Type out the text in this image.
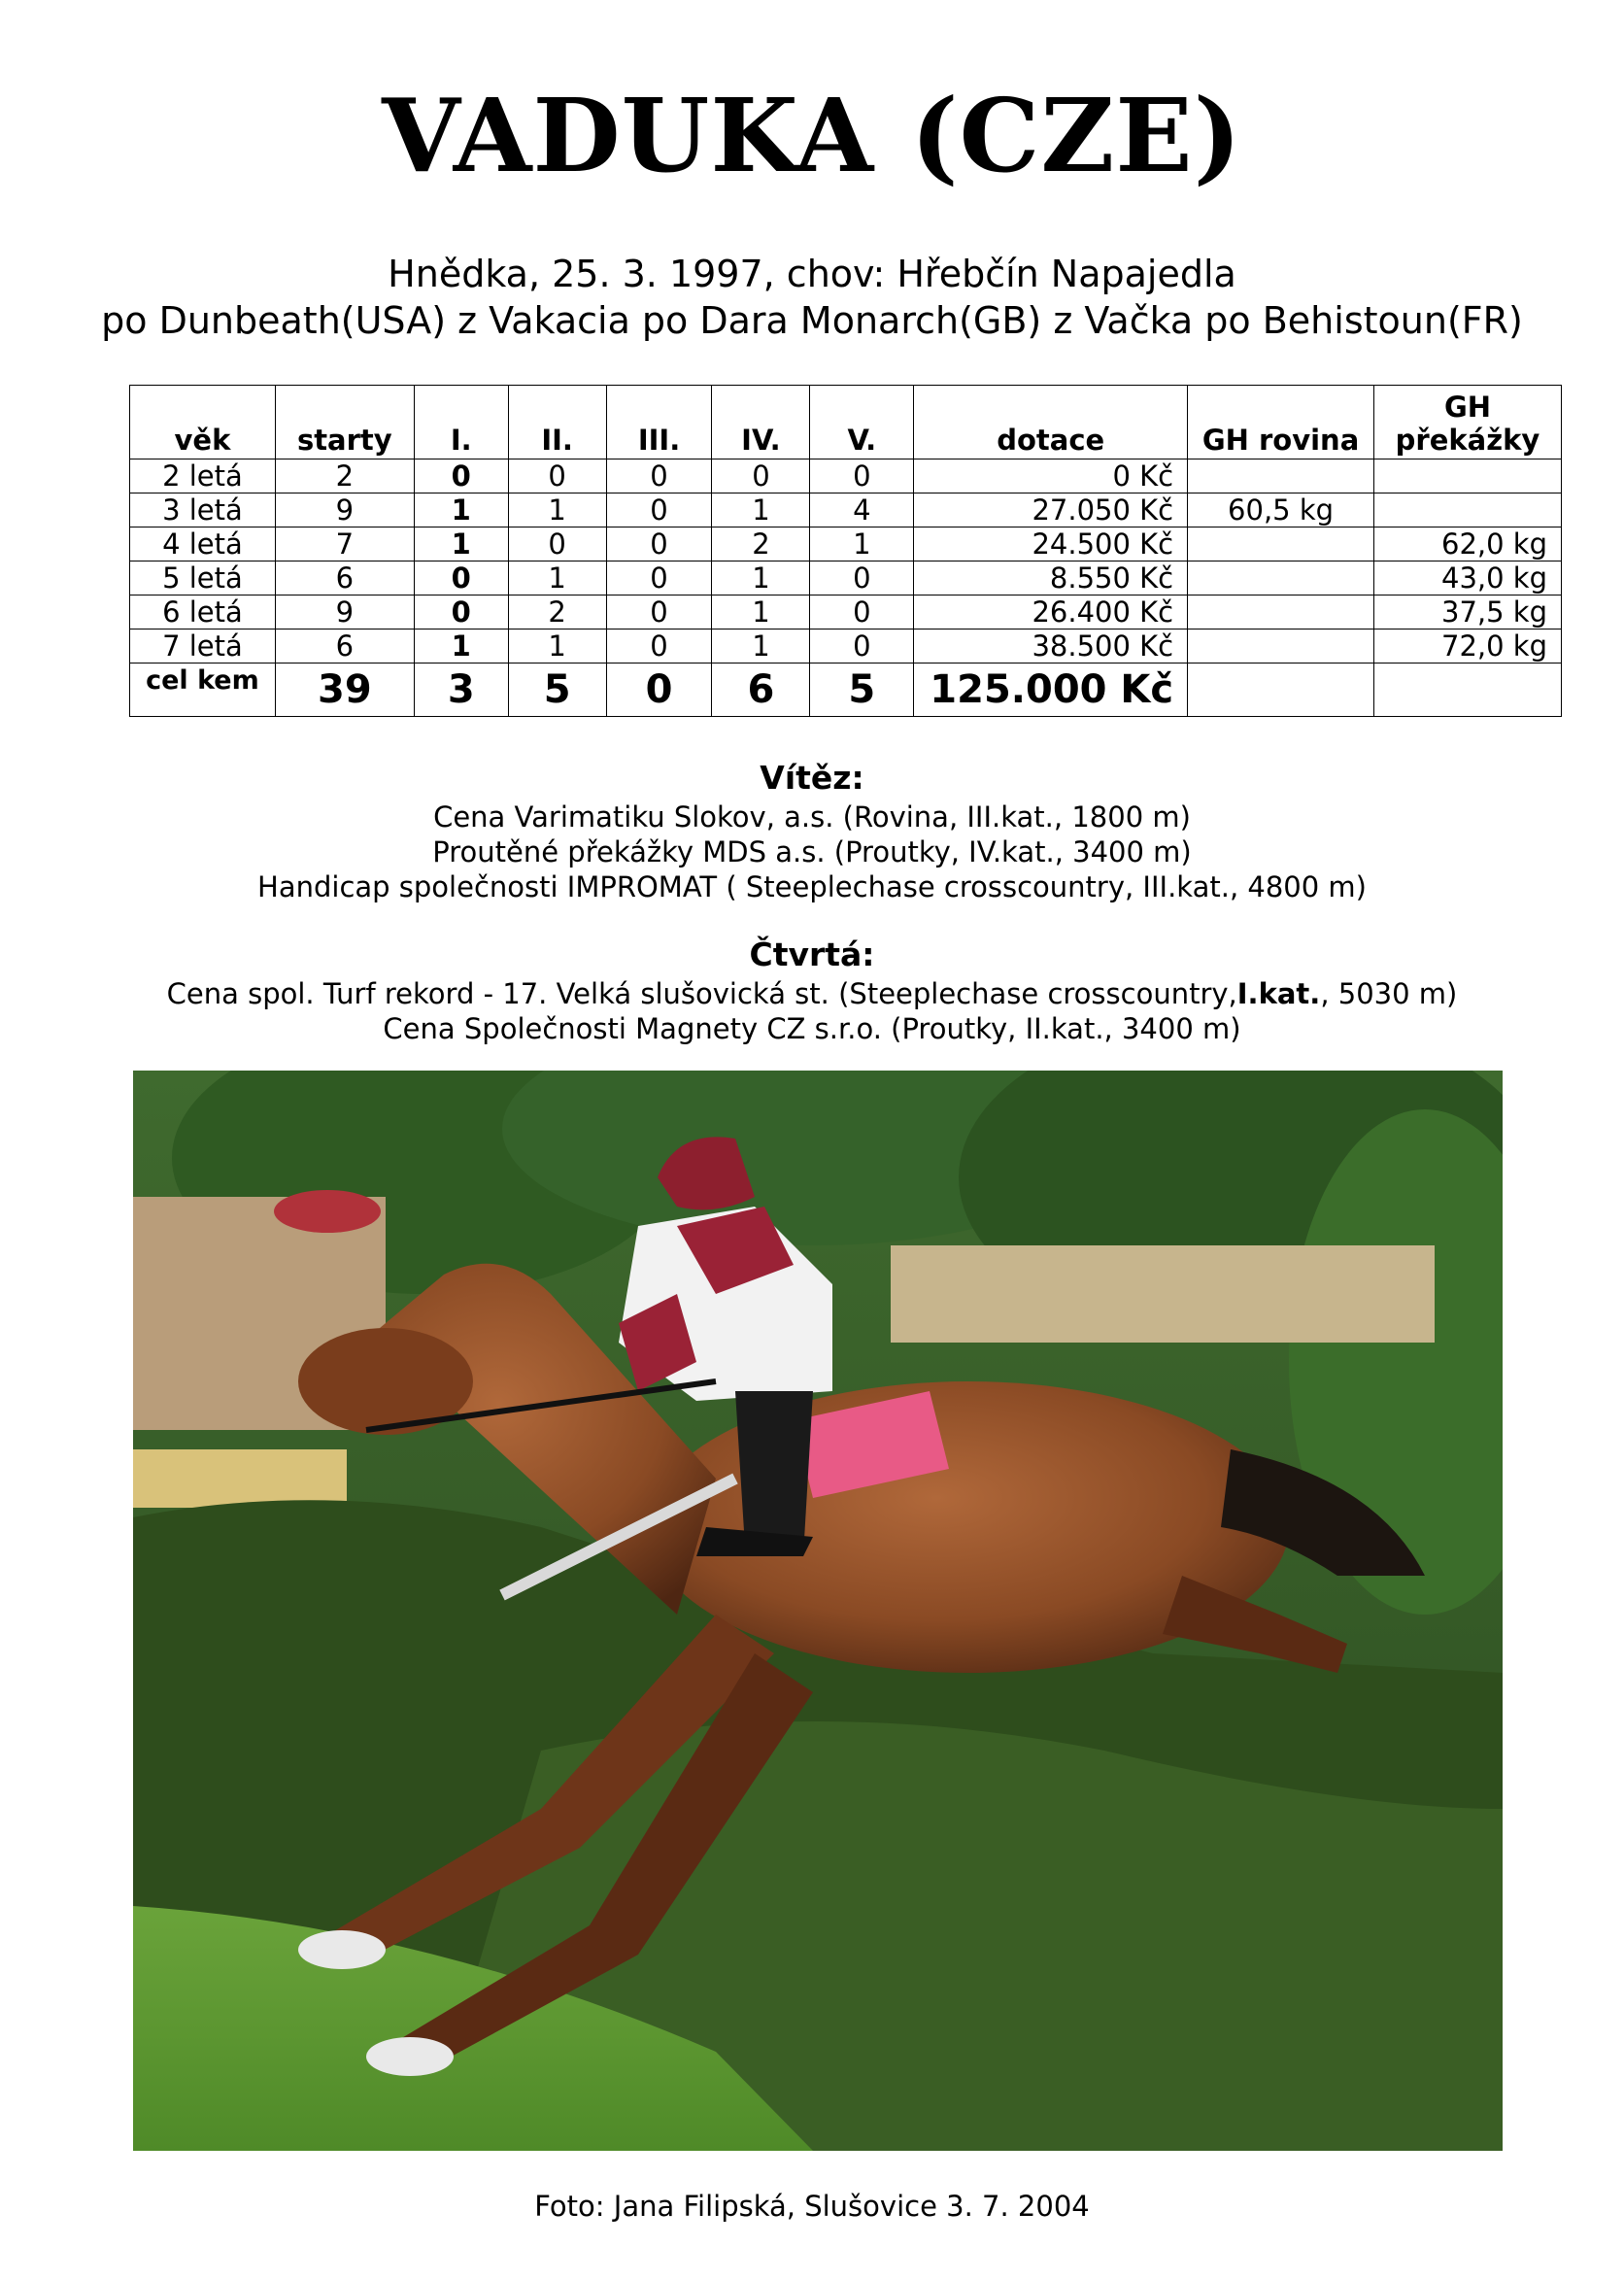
VADUKA (CZE)
Hnědka, 25. 3. 1997, chov: Hřebčín Napajedla
po Dunbeath(USA) z Vakacia po Dara Monarch(GB) z Vačka po Behistoun(FR)
věk	starty	I.	II.	III.	IV.	V.	dotace	GH rovina	GH překážky
2 letá	2	0	0	0	0	0	0 Kč		
3 letá	9	1	1	0	1	4	27.050 Kč	60,5 kg	
4 letá	7	1	0	0	2	1	24.500 Kč		62,0 kg
5 letá	6	0	1	0	1	0	8.550 Kč		43,0 kg
6 letá	9	0	2	0	1	0	26.400 Kč		37,5 kg
7 letá	6	1	1	0	1	0	38.500 Kč		72,0 kg
cel kem	39	3	5	0	6	5	125.000 Kč		
Vítěz:
Cena Varimatiku Slokov, a.s. (Rovina, III.kat., 1800 m)
Proutěné překážky MDS a.s. (Proutky, IV.kat., 3400 m)
Handicap společnosti IMPROMAT ( Steeplechase crosscountry, III.kat., 4800 m)
Čtvrtá:
Cena spol. Turf rekord - 17. Velká slušovická st. (Steeplechase crosscountry,I.kat., 5030 m)
Cena Společnosti Magnety CZ s.r.o. (Proutky, II.kat., 3400 m)
Foto: Jana Filipská, Slušovice 3. 7. 2004
